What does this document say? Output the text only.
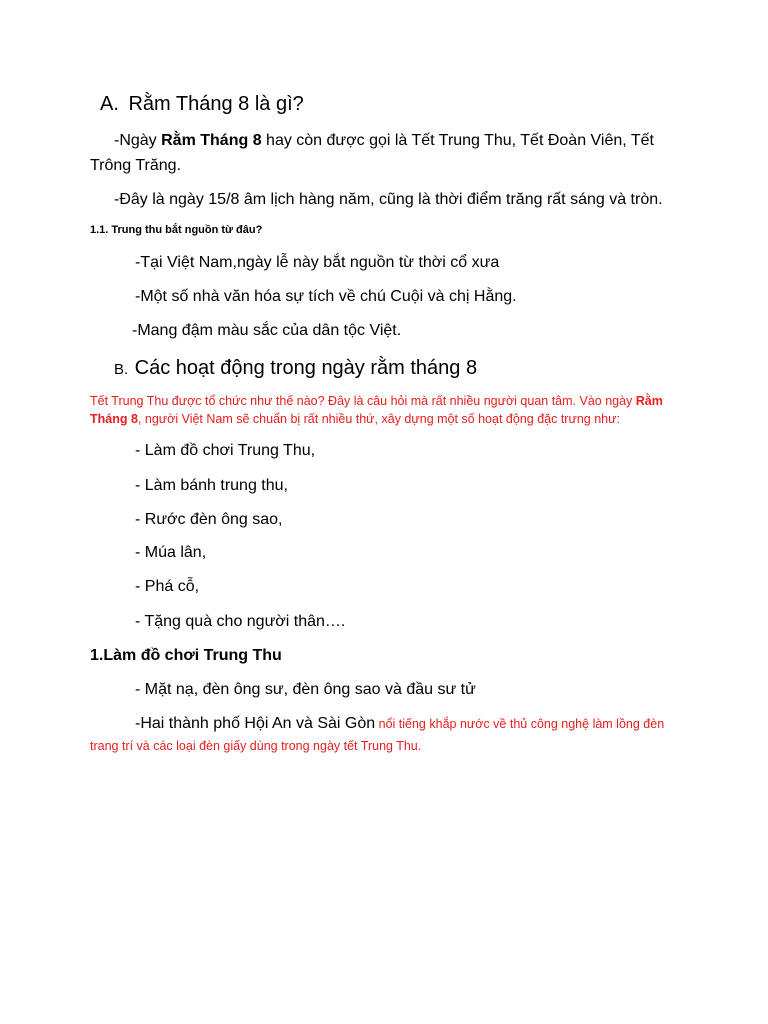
A. Rằm Tháng 8 là gì?
-Ngày Rằm Tháng 8 hay còn được gọi là Tết Trung Thu, Tết Đoàn Viên, Tết
Trông Trăng.
-Đây là ngày 15/8 âm lịch hàng năm, cũng là thời điểm trăng rất sáng và tròn.
1.1. Trung thu bắt nguồn từ đâu?
-Tại Việt Nam,ngày lễ này bắt nguồn từ thời cổ xưa
-Một số nhà văn hóa sự tích về chú Cuội và chị Hằng.
-Mang đậm màu sắc của dân tộc Việt.
B. Các hoạt động trong ngày rằm tháng 8
Tết Trung Thu được tổ chức như thế nào? Đây là câu hỏi mà rất nhiều người quan tâm. Vào ngày Rằm Tháng 8, người Việt Nam sẽ chuẩn bị rất nhiều thứ, xây dựng một số hoạt động đặc trưng như:
- Làm đồ chơi Trung Thu,
- Làm bánh trung thu,
- Rước đèn ông sao,
- Múa lân,
- Phá cỗ,
- Tặng quà cho người thân….
1.Làm đồ chơi Trung Thu
- Mặt nạ, đèn ông sư, đèn ông sao và đầu sư tử
-Hai thành phố Hội An và Sài Gòn nổi tiếng khắp nước về thủ công nghệ làm lồng đèn
trang trí và các loại đèn giấy dùng trong ngày tết Trung Thu.
